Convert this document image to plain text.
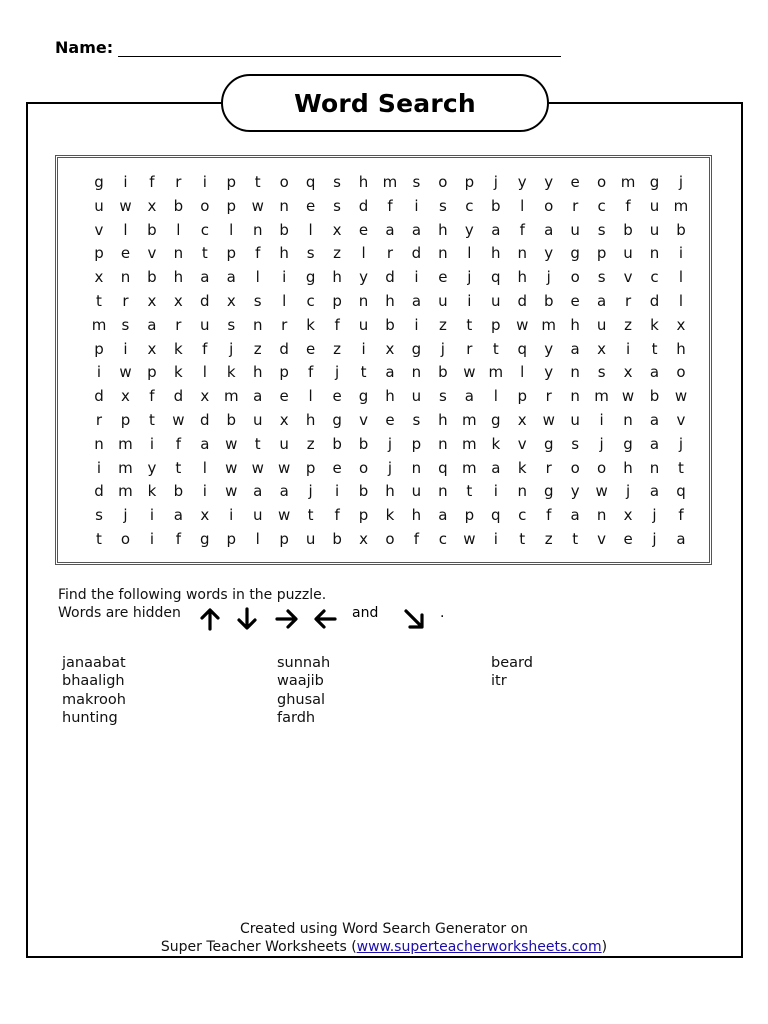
Name:
Word Search
g	i	f	r	i	p	t	o	q	s	h m	s	o	p	j	y	y	e	o m g	j
u	w	x	b	o	p	w	n	e	s	d	f	i	s	c	b	l	o	r	c	f	u m
v	l	b	l	c	l	n	b	l	x	e	a	a	h	y	a	f	a	u	s	b	u	b
p	e	v	n	t	p	f	h	s	z	l	r	d	n	l	h	n	y	g	p	u	n	i
x	n	b	h	a	a	l	i	g	h	y	d	i	e	j	q	h	j	o	s	v	c	l
t	r	x	x	d	x	s	l	c	p	n	h	a	u	i	u	d	b	e	a	r	d	l
m	s	a	r	u	s	n	r	k	f	u	b	i	z	t	p	w m h	u	z	k	x
p	i	x	k	f	j	z	d	e	z	i	x	g	j	r	t	q	y	a	x	i	t	h
i	w	p	k	l	k	h	p	f	j	t	a	n	b	w m	l	y	n	s	x	a	o
d	x	f	d	x m a	e	l	e	g	h	u	s	a	l	p	r	n m w	b	w
r	p	t	w	d	b	u	x	h	g	v	e	s	h m g	x	w	u	i	n	a	v
n m	i	f	a	w	t	u	z	b	b	j	p	n m k	v	g	s	j	g	a	j
i	m y	t	l	w w w	p	e	o	j	n	q m a	k	r	o	o	h	n	t
d m k	b	i	w	a	a	j	i	b	h	u	n	t	i	n	g	y	w	j	a	q
s	j	i	a	x	i	u	w	t	f	p	k	h	a	p	q	c	f	a	n	x	j	f
t	o	i	f	g	p	l	p	u	b	x	o	f	c	w	i	t	z	t	v	e	j	a
Find the following words in the puzzle.
Words are hidden	and	.
janaabat
bhaaligh
makrooh
hunting
sunnah
waajib
ghusal
fardh
beard
itr
Created using Word Search Generator on
Super Teacher Worksheets (www.superteacherworksheets.com)
